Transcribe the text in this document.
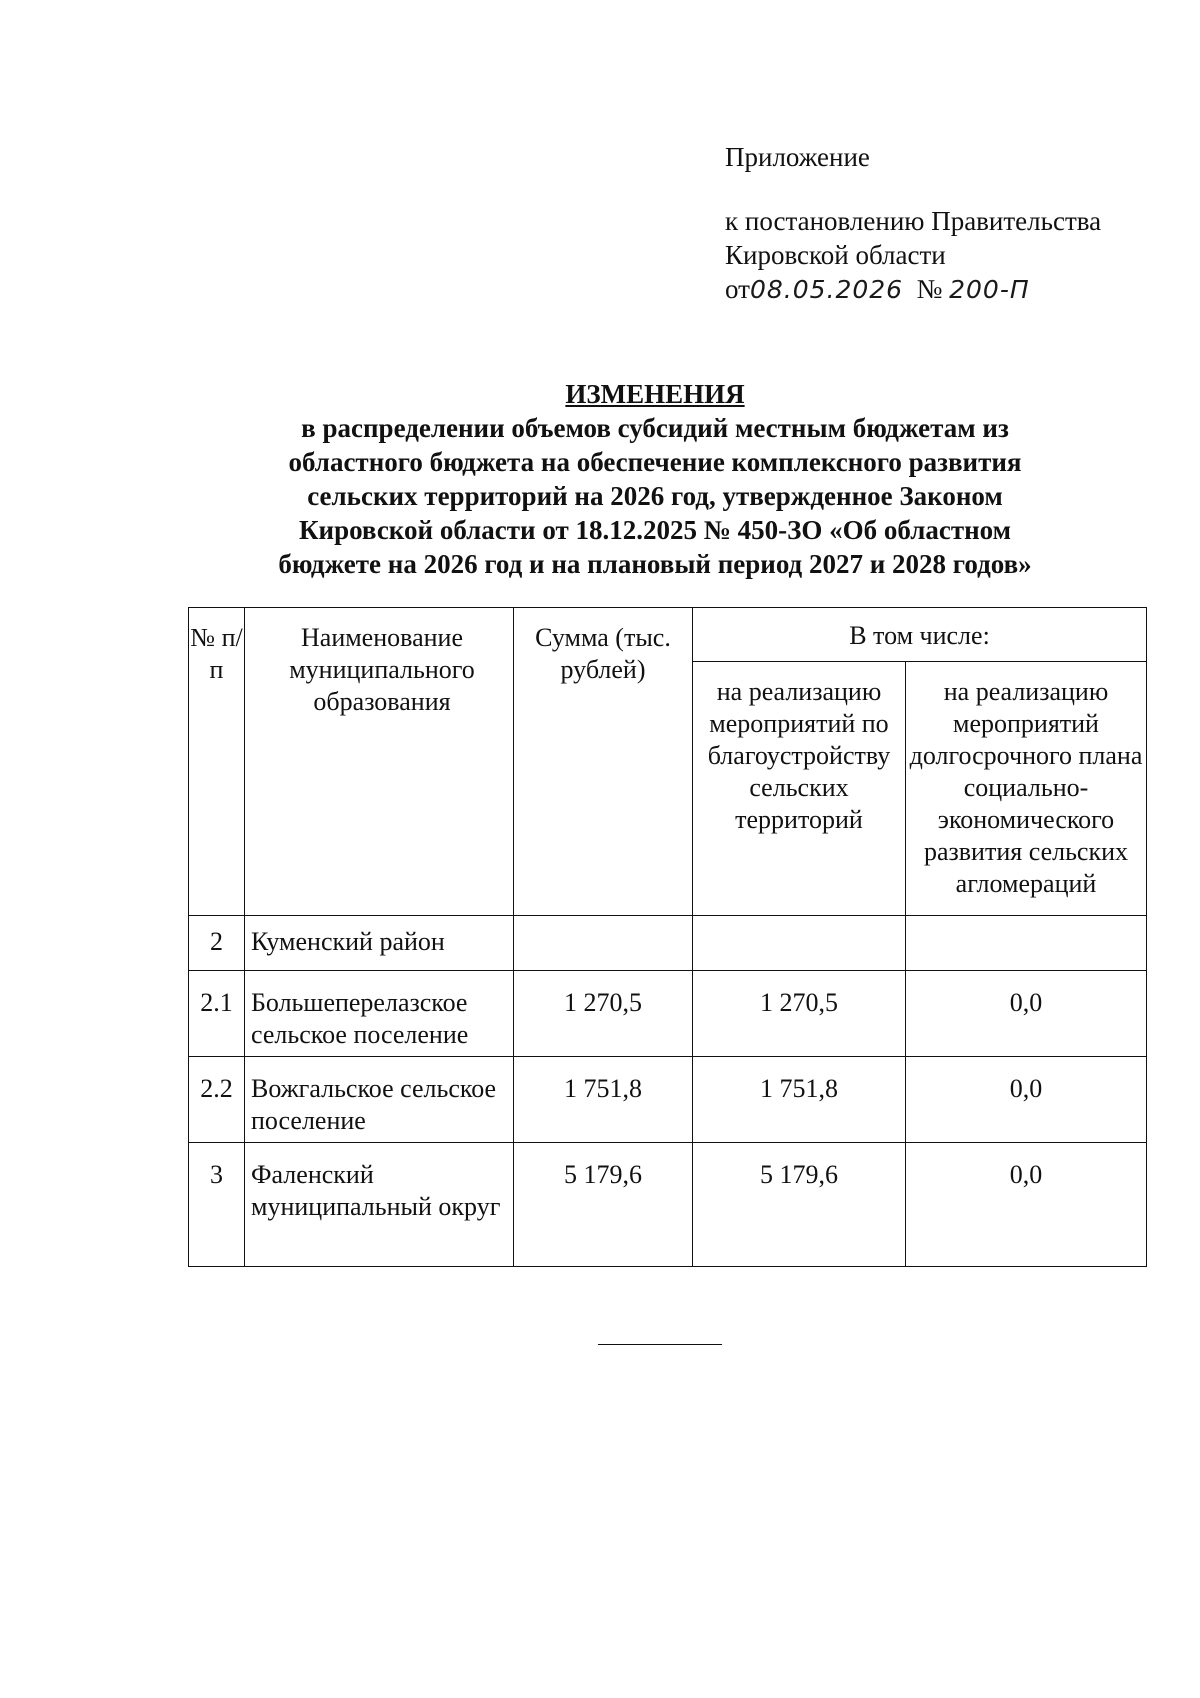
Приложение
к постановлению Правительства
Кировской области
от08.05.2026 № 200-П
ИЗМЕНЕНИЯ
в распределении объемов субсидий местным бюджетам из
областного бюджета на обеспечение комплексного развития
сельских территорий на 2026 год, утвержденное Законом
Кировской области от 18.12.2025 № 450-ЗО «Об областном
бюджете на 2026 год и на плановый период 2027 и 2028 годов»
№ п/п	Наименование муниципального образования	Сумма (тыс. рублей)	В том числе:	

			на реализацию мероприятий по благоустройству сельских территорий	на реализацию мероприятий долгосрочного плана социально-экономического развития сельских агломераций

2	Куменский район			

2.1	Большеперелазское сельское поселение	1 270,5	1 270,5	0,0

2.2	Вожгальское сельское поселение	1 751,8	1 751,8	0,0

3	Фаленский муниципальный округ	5 179,6	5 179,6	0,0
